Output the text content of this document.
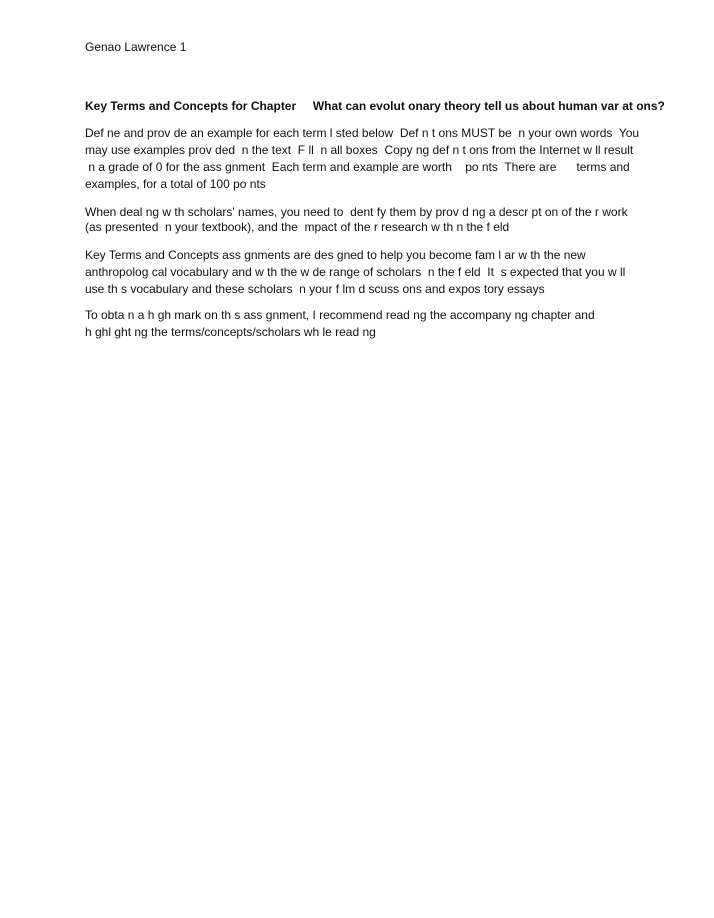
Genao Lawrence 1
Key Terms and Concepts for Chapter     What can evolut onary theory tell us about human var at ons?
Def ne and prov de an example for each term l sted below  Def n t ons MUST be  n your own words  You
may use examples prov ded  n the text  F ll  n all boxes  Copy ng def n t ons from the Internet w ll result
n a grade of 0 for the ass gnment  Each term and example are worth    po nts  There are      terms and
examples, for a total of 100 po nts
When deal ng w th scholars' names, you need to  dent fy them by prov d ng a descr pt on of the r work
(as presented  n your textbook), and the  mpact of the r research w th n the f eld
Key Terms and Concepts ass gnments are des gned to help you become fam l ar w th the new
anthropolog cal vocabulary and w th the w de range of scholars  n the f eld  It  s expected that you w ll
use th s vocabulary and these scholars  n your f lm d scuss ons and expos tory essays
To obta n a h gh mark on th s ass gnment, I recommend read ng the accompany ng chapter and
h ghl ght ng the terms/concepts/scholars wh le read ng
